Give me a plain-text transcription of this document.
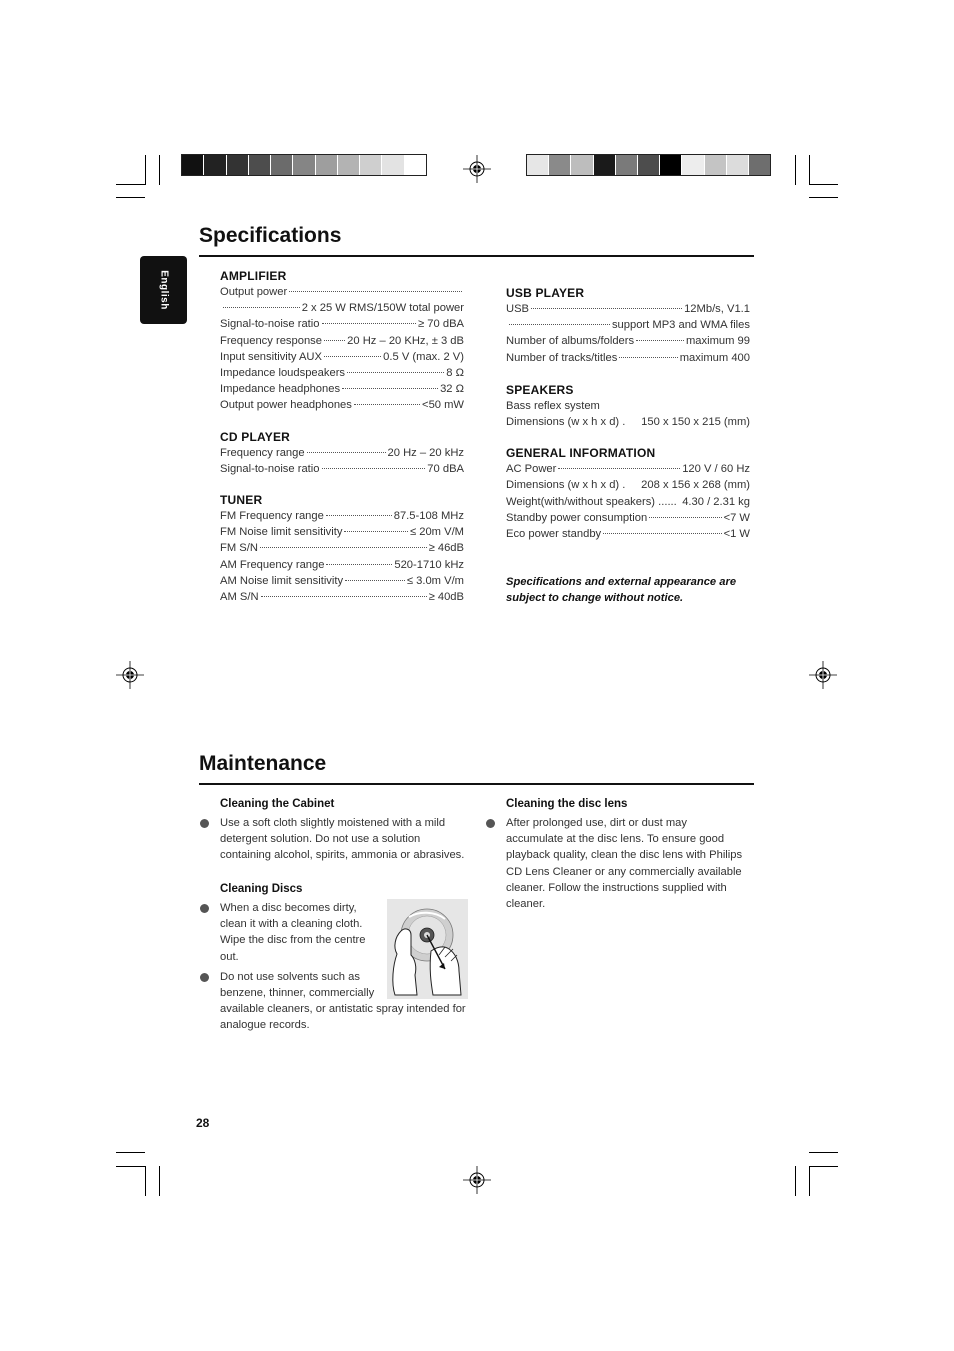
Specifications
English	AMPLIFIER

Output power
2 x 25 W RMS/150W total power
Signal-to-noise ratio	≥ 70 dBA
Frequency response 20 Hz – 20 KHz, ± 3 dB
Input sensitivity AUX	0.5 V (max. 2 V)
Impedance loudspeakers	8 Ω
Impedance headphones	32 Ω
Output power headphones	<50 mW

CD PLAYER

Frequency range	20 Hz – 20 kHz
Signal-to-noise ratio	70 dBA

TUNER

FM Frequency range	87.5-108 MHz
FM Noise limit sensitivity	≤ 20m V/M
FM S/N	≥ 46dB
AM Frequency range	520-1710 kHz
AM Noise limit sensitivity	≤ 3.0m V/m
AM S/N	≥ 40dB

USB PLAYER

USB	12Mb/s, V1.1
support MP3 and WMA files
Number of albums/folders	maximum 99
Number of tracks/titles	maximum 400

SPEAKERS

Bass reflex system
Dimensions (w x h x d) . 150 x 150 x 215 (mm)

GENERAL INFORMATION

AC Power	120 V / 60 Hz
Dimensions (w x h x d) . 208 x 156 x 268 (mm)
Weight(with/without speakers) ...... 4.30 / 2.31 kg
Standby power consumption	<7 W
Eco power standby	<1 W
Specifications and external appearance are
subject to change without notice.
Maintenance

Cleaning the Cabinet

Use a soft cloth slightly moistened with a mild
detergent solution. Do not use a solution
containing alcohol, spirits, ammonia or abrasives.

Cleaning Discs

When a disc becomes dirty,
clean it with a cleaning cloth.
Wipe the disc from the centre
out.
Do not use solvents such as
benzene, thinner, commercially
available cleaners, or antistatic spray intended for
analogue records.

Cleaning the disc lens

After prolonged use, dirt or dust may
accumulate at the disc lens. To ensure good
playback quality, clean the disc lens with Philips
CD Lens Cleaner or any commercially available
cleaner. Follow the instructions supplied with
cleaner.
28
